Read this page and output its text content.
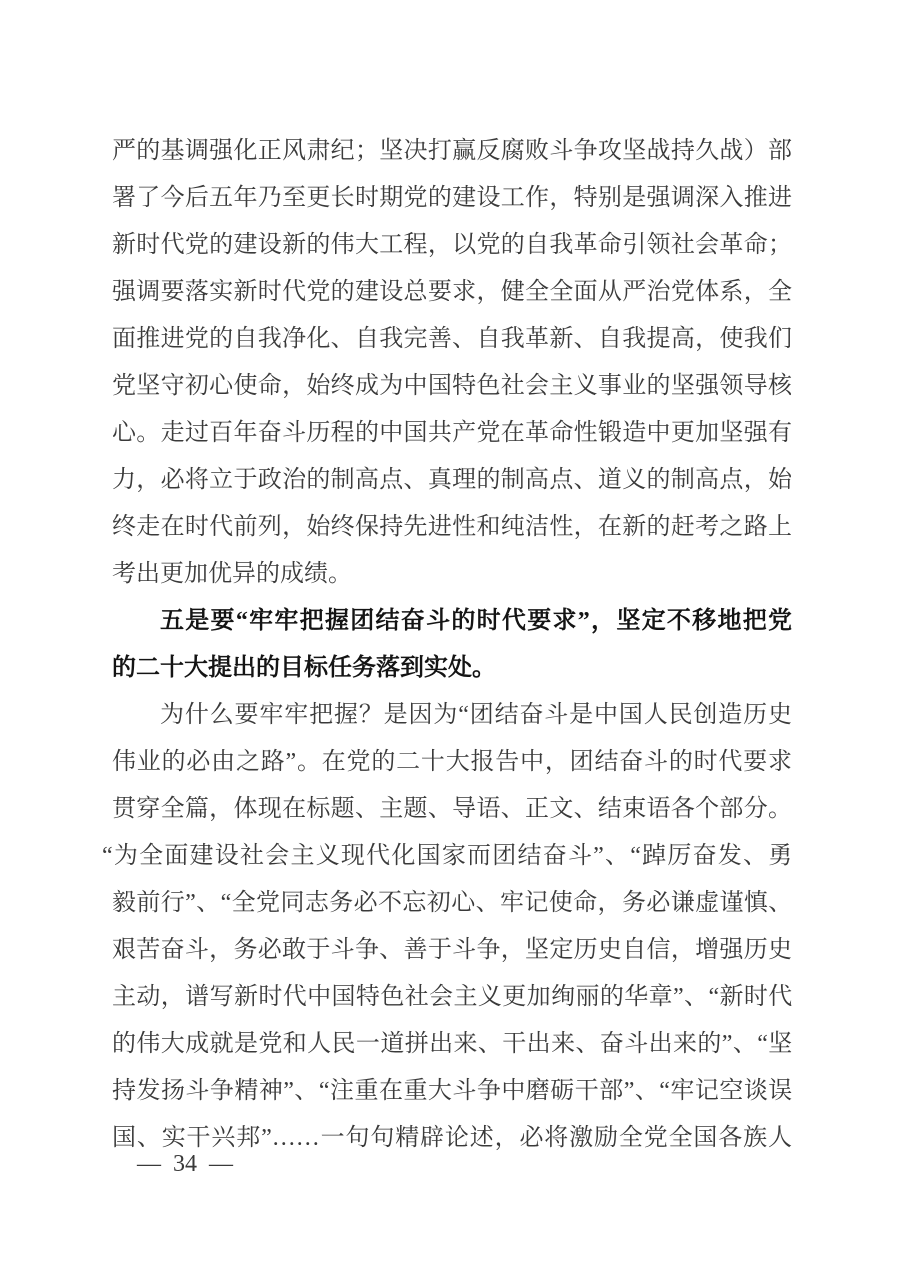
严的基调强化正风肃纪；坚决打赢反腐败斗争攻坚战持久战）部
署了今后五年乃至更长时期党的建设工作，特别是强调深入推进
新时代党的建设新的伟大工程，以党的自我革命引领社会革命；
强调要落实新时代党的建设总要求，健全全面从严治党体系，全
面推进党的自我净化、自我完善、自我革新、自我提高，使我们
党坚守初心使命，始终成为中国特色社会主义事业的坚强领导核
心。走过百年奋斗历程的中国共产党在革命性锻造中更加坚强有
力，必将立于政治的制高点、真理的制高点、道义的制高点，始
终走在时代前列，始终保持先进性和纯洁性，在新的赶考之路上
考出更加优异的成绩。
五是要“牢牢把握团结奋斗的时代要求”，坚定不移地把党
的二十大提出的目标任务落到实处。
为什么要牢牢把握？是因为“团结奋斗是中国人民创造历史
伟业的必由之路”。在党的二十大报告中，团结奋斗的时代要求
贯穿全篇，体现在标题、主题、导语、正文、结束语各个部分。
“为全面建设社会主义现代化国家而团结奋斗”、“踔厉奋发、勇
毅前行”、“全党同志务必不忘初心、牢记使命，务必谦虚谨慎、
艰苦奋斗，务必敢于斗争、善于斗争，坚定历史自信，增强历史
主动，谱写新时代中国特色社会主义更加绚丽的华章”、“新时代
的伟大成就是党和人民一道拼出来、干出来、奋斗出来的”、“坚
持发扬斗争精神”、“注重在重大斗争中磨砺干部”、“牢记空谈误
国、实干兴邦”……一句句精辟论述，必将激励全党全国各族人
— 34 —
